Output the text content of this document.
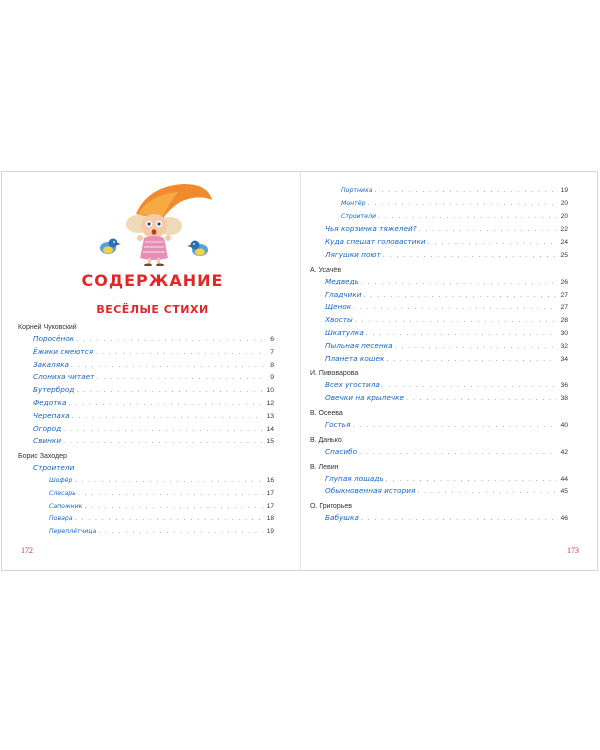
СОДЕРЖАНИЕ
ВЕСЁЛЫЕ СТИХИ
Корней Чуковский
Поросёнок . . .	6
Ёжики смеются . . .	7
Закаляка . . .	8
Слониха читает . . .	9
Бутерброд . . .	10
Федотка . . .	12
Черепаха . . .	13
Огород . . .	14
Свинки . . .	15
Борис Заходер
Строители
Шофёр . . .	16
Слесарь . . .	17
Сапожник . . .	17
Повара . . .	18
Переплётчица . . .	19
Портниха . . .	19
Монтёр . . .	20
Строители . . .	20
Чья корзинка тяжелей? . . .	22
Куда спешат головастики . . .	24
Лягушки поют . . .	25
А. Усачёв
Медведь . . .	26
Гладчики . . .	27
Щенок . . .	27
Хвосты . . .	28
Шкатулка . . .	30
Пыльная песенка . . .	32
Планета кошек . . .	34
И. Пивоварова
Всех угостила . . .	36
Овечки на крылечке . . .	38
В. Осеева
Гостья . . .	40
В. Данько
Спасибо . . .	42
В. Левин
Глупая лошадь . . .	44
Обыкновенная история . . .	45
О. Григорьев
Бабушка . . .	46
172	173
